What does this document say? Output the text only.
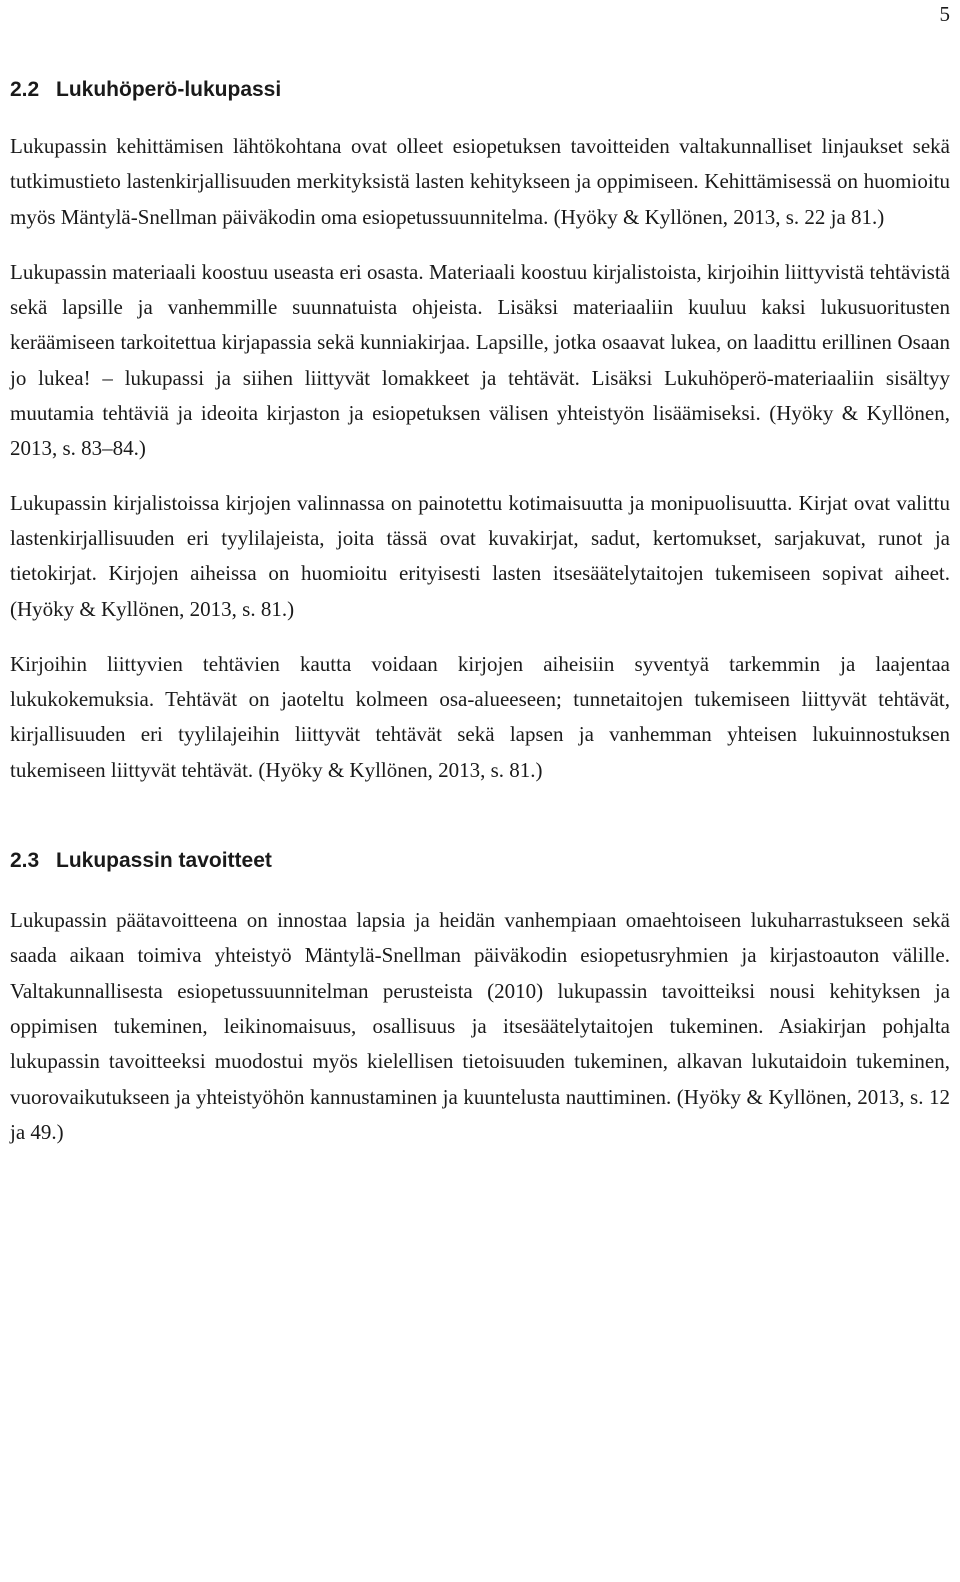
5
2.2 Lukuhöperö-lukupassi

Lukupassin kehittämisen lähtökohtana ovat olleet esiopetuksen tavoitteiden valtakunnalliset linjaukset sekä tutkimustieto lastenkirjallisuuden merkityksistä lasten kehitykseen ja oppimiseen. Kehittämisessä on huomioitu myös Mäntylä-Snellman päiväkodin oma esiopetussuunnitelma. (Hyöky & Kyllönen, 2013, s. 22 ja 81.)

Lukupassin materiaali koostuu useasta eri osasta. Materiaali koostuu kirjalistoista, kirjoihin liittyvistä tehtävistä sekä lapsille ja vanhemmille suunnatuista ohjeista. Lisäksi materiaaliin kuuluu kaksi lukusuoritusten keräämiseen tarkoitettua kirjapassia sekä kunniakirjaa. Lapsille, jotka osaavat lukea, on laadittu erillinen Osaan jo lukea! – lukupassi ja siihen liittyvät lomakkeet ja tehtävät. Lisäksi Lukuhöperö-materiaaliin sisältyy muutamia tehtäviä ja ideoita kirjaston ja esiopetuksen välisen yhteistyön lisäämiseksi. (Hyöky & Kyllönen, 2013, s. 83–84.)

Lukupassin kirjalistoissa kirjojen valinnassa on painotettu kotimaisuutta ja monipuolisuutta. Kirjat ovat valittu lastenkirjallisuuden eri tyylilajeista, joita tässä ovat kuvakirjat, sadut, kertomukset, sarjakuvat, runot ja tietokirjat. Kirjojen aiheissa on huomioitu erityisesti lasten itsesäätelytaitojen tukemiseen sopivat aiheet. (Hyöky & Kyllönen, 2013, s. 81.)

Kirjoihin liittyvien tehtävien kautta voidaan kirjojen aiheisiin syventyä tarkemmin ja laajentaa lukukokemuksia. Tehtävät on jaoteltu kolmeen osa-alueeseen; tunnetaitojen tukemiseen liittyvät tehtävät, kirjallisuuden eri tyylilajeihin liittyvät tehtävät sekä lapsen ja vanhemman yhteisen lukuinnostuksen tukemiseen liittyvät tehtävät. (Hyöky & Kyllönen, 2013, s. 81.)

2.3 Lukupassin tavoitteet

Lukupassin päätavoitteena on innostaa lapsia ja heidän vanhempiaan omaehtoiseen lukuharrastukseen sekä saada aikaan toimiva yhteistyö Mäntylä-Snellman päiväkodin esiopetusryhmien ja kirjastoauton välille. Valtakunnallisesta esiopetussuunnitelman perusteista (2010) lukupassin tavoitteiksi nousi kehityksen ja oppimisen tukeminen, leikinomaisuus, osallisuus ja itsesäätelytaitojen tukeminen. Asiakirjan pohjalta lukupassin tavoitteeksi muodostui myös kielellisen tietoisuuden tukeminen, alkavan lukutaidoin tukeminen, vuorovaikutukseen ja yhteistyöhön kannustaminen ja kuuntelusta nauttiminen. (Hyöky & Kyllönen, 2013, s. 12 ja 49.)
